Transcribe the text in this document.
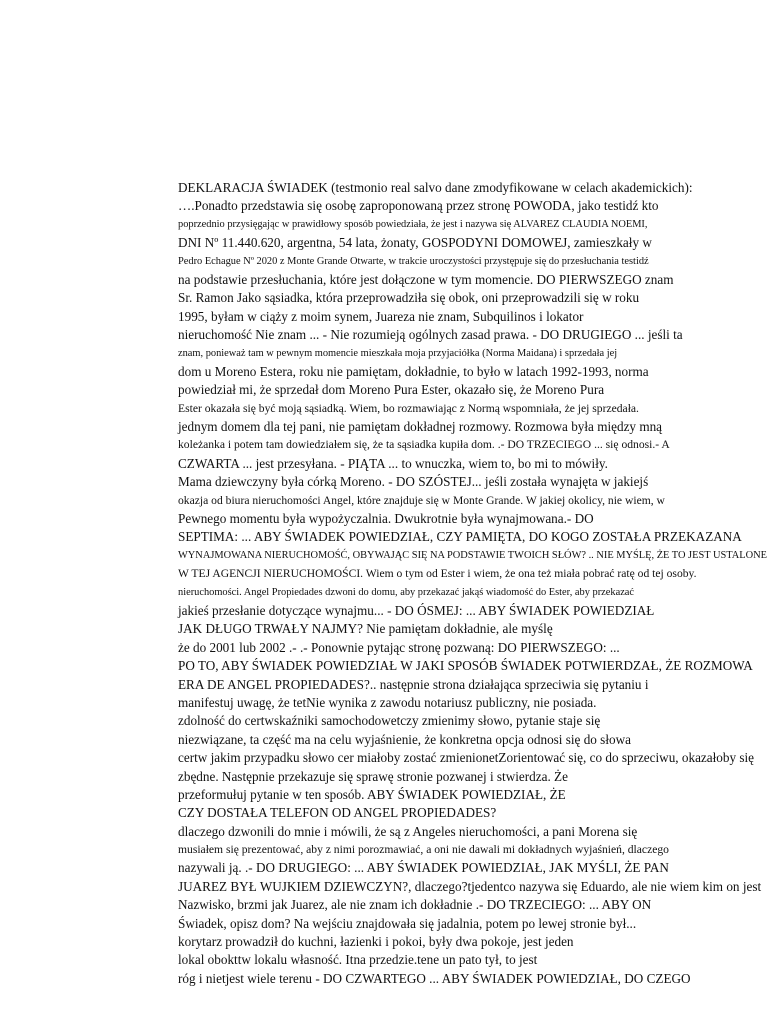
DEKLARACJA ŚWIADEK (testmonio real salvo dane zmodyfikowane w celach akademickich):
….Ponadto przedstawia się osobę zaproponowaną przez stronę POWODA, jako testidź kto
poprzednio przysięgając w prawidłowy sposób powiedziała, że jest i nazywa się ALVAREZ CLAUDIA NOEMI,
DNI Nº 11.440.620, argentna, 54 lata, żonaty, GOSPODYNI DOMOWEJ, zamieszkały w
Pedro Echague Nº 2020 z Monte Grande Otwarte, w trakcie uroczystości przystępuje się do przesłuchania testidź
na podstawie przesłuchania, które jest dołączone w tym momencie. DO PIERWSZEGO znam
Sr. Ramon Jako sąsiadka, która przeprowadziła się obok, oni przeprowadzili się w roku
1995, byłam w ciąży z moim synem, Juareza nie znam, Subquilinos i lokator
nieruchomość Nie znam ... - Nie rozumieją ogólnych zasad prawa. - DO DRUGIEGO ... jeśli ta
znam, ponieważ tam w pewnym momencie mieszkała moja przyjaciółka (Norma Maidana) i sprzedała jej
dom u Moreno Estera, roku nie pamiętam, dokładnie, to było w latach 1992-1993, norma
powiedział mi, że sprzedał dom Moreno Pura Ester, okazało się, że Moreno Pura
Ester okazała się być moją sąsiadką. Wiem, bo rozmawiając z Normą wspomniała, że jej sprzedała.
jednym domem dla tej pani, nie pamiętam dokładnej rozmowy. Rozmowa była między mną
koleżanka i potem tam dowiedziałem się, że ta sąsiadka kupiła dom. .- DO TRZECIEGO ... się odnosi.- A
CZWARTA ... jest przesyłana. - PIĄTA ... to wnuczka, wiem to, bo mi to mówiły.
Mama dziewczyny była córką Moreno. - DO SZÓSTEJ... jeśli została wynajęta w jakiejś
okazja od biura nieruchomości Angel, które znajduje się w Monte Grande. W jakiej okolicy, nie wiem, w
Pewnego momentu była wypożyczalnia. Dwukrotnie była wynajmowana.- DO
SEPTIMA: ... ABY ŚWIADEK POWIEDZIAŁ, CZY PAMIĘTA, DO KOGO ZOSTAŁA PRZEKAZANA
WYNAJMOWANA NIERUCHOMOŚĆ, OBYWAJĄC SIĘ NA PODSTAWIE TWOICH SŁÓW? .. NIE MYŚLĘ, ŻE TO JEST USTALONE
W TEJ AGENCJI NIERUCHOMOŚCI. Wiem o tym od Ester i wiem, że ona też miała pobrać ratę od tej osoby.
nieruchomości. Angel Propiedades dzwoni do domu, aby przekazać jakąś wiadomość do Ester, aby przekazać
jakieś przesłanie dotyczące wynajmu... - DO ÓSMEJ: ... ABY ŚWIADEK POWIEDZIAŁ
JAK DŁUGO TRWAŁY NAJMY? Nie pamiętam dokładnie, ale myślę
że do 2001 lub 2002 .- .- Ponownie pytając stronę pozwaną: DO PIERWSZEGO: ...
PO TO, ABY ŚWIADEK POWIEDZIAŁ W JAKI SPOSÓB ŚWIADEK POTWIERDZAŁ, ŻE ROZMOWA
ERA DE ANGEL PROPIEDADES?.. następnie strona działająca sprzeciwia się pytaniu i
manifestuj uwagę, że tetNie wynika z zawodu notariusz publiczny, nie posiada.
zdolność do certwskaźniki samochodowetczy zmienimy słowo, pytanie staje się
niezwiązane, ta część ma na celu wyjaśnienie, że konkretna opcja odnosi się do słowa
certw jakim przypadku słowo cer miałoby zostać zmienionetZorientować się, co do sprzeciwu, okazałoby się
zbędne. Następnie przekazuje się sprawę stronie pozwanej i stwierdza. Że
przeformułuj pytanie w ten sposób. ABY ŚWIADEK POWIEDZIAŁ, ŻE
CZY DOSTAŁA TELEFON OD ANGEL PROPIEDADES?
dlaczego dzwonili do mnie i mówili, że są z Angeles nieruchomości, a pani Morena się
musiałem się prezentować, aby z nimi porozmawiać, a oni nie dawali mi dokładnych wyjaśnień, dlaczego
nazywali ją. .- DO DRUGIEGO: ... ABY ŚWIADEK POWIEDZIAŁ, JAK MYŚLI, ŻE PAN
JUAREZ BYŁ WUJKIEM DZIEWCZYN?, dlaczego?tjedentco nazywa się Eduardo, ale nie wiem kim on jest
Nazwisko, brzmi jak Juarez, ale nie znam ich dokładnie .- DO TRZECIEGO: ... ABY ON
Świadek, opisz dom? Na wejściu znajdowała się jadalnia, potem po lewej stronie był...
korytarz prowadził do kuchni, łazienki i pokoi, były dwa pokoje, jest jeden
lokal obokttw lokalu własność. Itna przedzie.tene un pato tył, to jest
róg i nietjest wiele terenu - DO CZWARTEGO ... ABY ŚWIADEK POWIEDZIAŁ, DO CZEGO
